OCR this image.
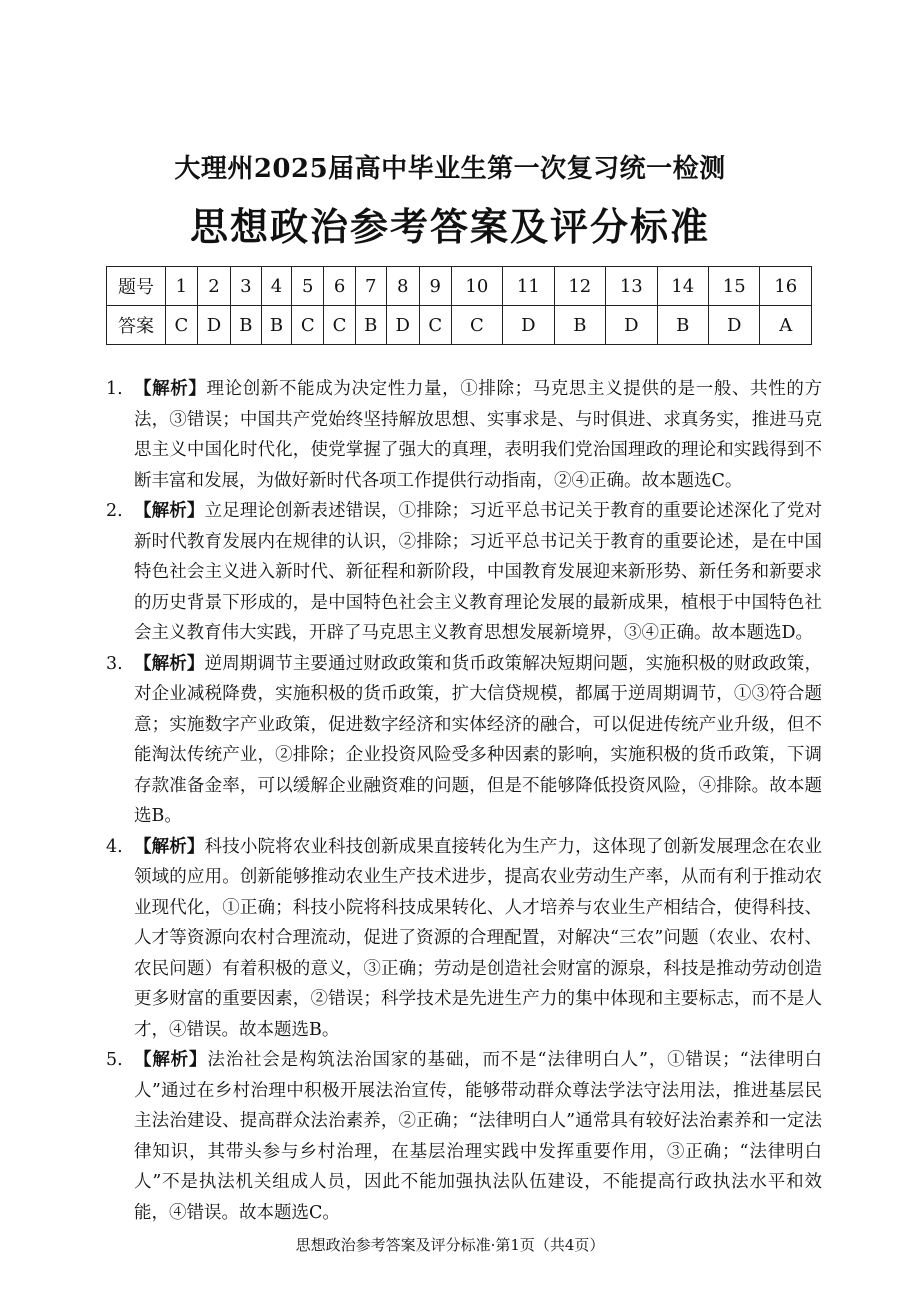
大理州2025届高中毕业生第一次复习统一检测
思想政治参考答案及评分标准
题号	1	2	3	4	5	6	7	8	9	10	11	12	13	14	15	16
答案	C	D	B	B	C	C	B	D	C	C	D	B	D	B	D	A

1. 【解析】理论创新不能成为决定性力量，①排除；马克思主义提供的是一般、共性的方法，③错误；中国共产党始终坚持解放思想、实事求是、与时俱进、求真务实，推进马克思主义中国化时代化，使党掌握了强大的真理，表明我们党治国理政的理论和实践得到不断丰富和发展，为做好新时代各项工作提供行动指南，②④正确。故本题选C。

2. 【解析】立足理论创新表述错误，①排除；习近平总书记关于教育的重要论述深化了党对新时代教育发展内在规律的认识，②排除；习近平总书记关于教育的重要论述，是在中国特色社会主义进入新时代、新征程和新阶段，中国教育发展迎来新形势、新任务和新要求的历史背景下形成的，是中国特色社会主义教育理论发展的最新成果，植根于中国特色社会主义教育伟大实践，开辟了马克思主义教育思想发展新境界，③④正确。故本题选D。

3. 【解析】逆周期调节主要通过财政政策和货币政策解决短期问题，实施积极的财政政策，对企业减税降费，实施积极的货币政策，扩大信贷规模，都属于逆周期调节，①③符合题意；实施数字产业政策，促进数字经济和实体经济的融合，可以促进传统产业升级，但不能淘汰传统产业，②排除；企业投资风险受多种因素的影响，实施积极的货币政策，下调存款准备金率，可以缓解企业融资难的问题，但是不能够降低投资风险，④排除。故本题选B。

4. 【解析】科技小院将农业科技创新成果直接转化为生产力，这体现了创新发展理念在农业领域的应用。创新能够推动农业生产技术进步，提高农业劳动生产率，从而有利于推动农业现代化，①正确；科技小院将科技成果转化、人才培养与农业生产相结合，使得科技、人才等资源向农村合理流动，促进了资源的合理配置，对解决“三农”问题（农业、农村、农民问题）有着积极的意义，③正确；劳动是创造社会财富的源泉，科技是推动劳动创造更多财富的重要因素，②错误；科学技术是先进生产力的集中体现和主要标志，而不是人才，④错误。故本题选B。

5. 【解析】法治社会是构筑法治国家的基础，而不是“法律明白人”，①错误；“法律明白人”通过在乡村治理中积极开展法治宣传，能够带动群众尊法学法守法用法，推进基层民主法治建设、提高群众法治素养，②正确；“法律明白人”通常具有较好法治素养和一定法律知识，其带头参与乡村治理，在基层治理实践中发挥重要作用，③正确；“法律明白人”不是执法机关组成人员，因此不能加强执法队伍建设，不能提高行政执法水平和效能，④错误。故本题选C。

思想政治参考答案及评分标准·第1页（共4页）
